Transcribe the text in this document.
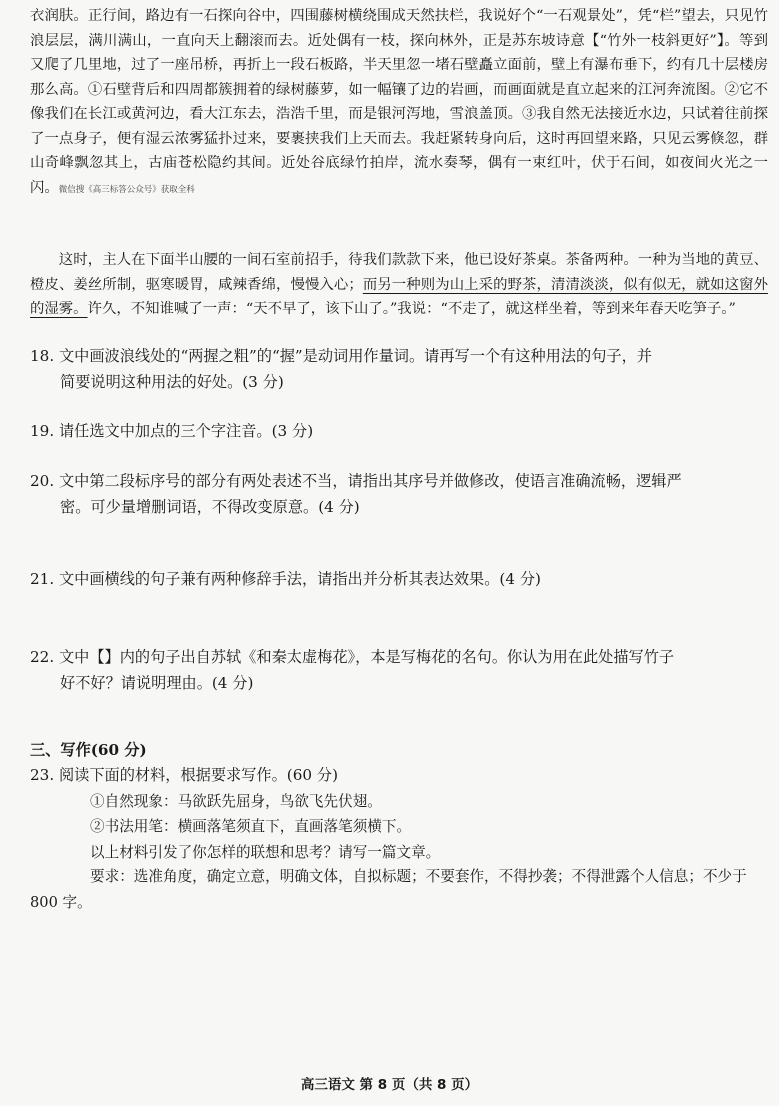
衣润肤。正行间，路边有一石探向谷中，四围藤树横绕围成天然扶栏，我说好个“一石观景处”，凭“栏”望去，只见竹浪层层，满川满山，一直向天上翻滚而去。近处偶有一枝，探向林外，正是苏东坡诗意【“竹外一枝斜更好”】。等到又爬了几里地，过了一座吊桥，再折上一段石板路，半天里忽一堵石壁矗立面前，壁上有瀑布垂下，约有几十层楼房那么高。①石壁背后和四周都簇拥着的绿树藤萝，如一幅镶了边的岩画，而画面就是直立起来的江河奔流图。②它不像我们在长江或黄河边，看大江东去，浩浩千里，而是银河泻地，雪浪盖顶。③我自然无法接近水边，只试着往前探了一点身子，便有湿云浓雾猛扑过来，要裹挟我们上天而去。我赶紧转身向后，这时再回望来路，只见云雾倏忽，群山奇峰飘忽其上，古庙苍松隐约其间。近处谷底绿竹拍岸，流水奏琴，偶有一束红叶，伏于石间，如夜间火光之一闪。微信搜《高三标答公众号》获取全科

这时，主人在下面半山腰的一间石室前招手，待我们款款下来，他已设好茶桌。茶备两种。一种为当地的黄豆、橙皮、姜丝所制，驱寒暖胃，咸辣香绵，慢慢入心；而另一种则为山上采的野茶，清清淡淡，似有似无，就如这窗外的湿雾。许久，不知谁喊了一声：“天不早了，该下山了。”我说：“不走了，就这样坐着，等到来年春天吃笋子。”

18. 文中画波浪线处的“两握之粗”的“握”是动词用作量词。请再写一个有这种用法的句子，并
简要说明这种用法的好处。(3 分)
19. 请任选文中加点的三个字注音。(3 分)
20. 文中第二段标序号的部分有两处表述不当，请指出其序号并做修改，使语言准确流畅，逻辑严
密。可少量增删词语，不得改变原意。(4 分)
21. 文中画横线的句子兼有两种修辞手法，请指出并分析其表达效果。(4 分)
22. 文中【】内的句子出自苏轼《和秦太虚梅花》，本是写梅花的名句。你认为用在此处描写竹子
好不好？请说明理由。(4 分)

三、写作(60 分)

23. 阅读下面的材料，根据要求写作。(60 分)

①自然现象：马欲跃先屈身，鸟欲飞先伏翅。

②书法用笔：横画落笔须直下，直画落笔须横下。

以上材料引发了你怎样的联想和思考？请写一篇文章。

要求：选准角度，确定立意，明确文体，自拟标题；不要套作，不得抄袭；不得泄露个人信息；不少于 800 字。

高三语文 第 8 页（共 8 页）
